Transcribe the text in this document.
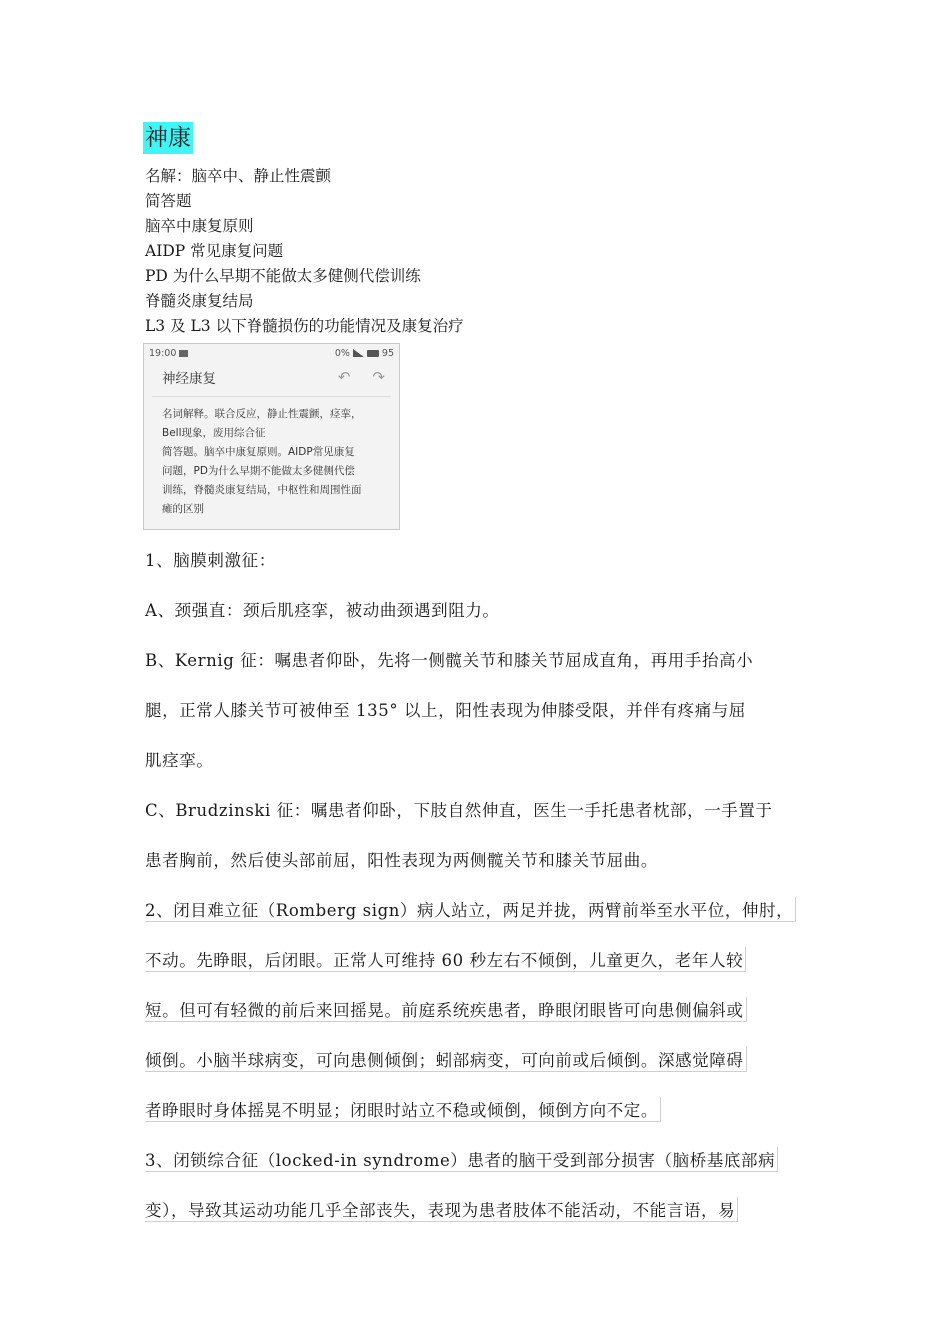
神康
名解：脑卒中、静止性震颤
简答题
脑卒中康复原则
AIDP 常见康复问题
PD 为什么早期不能做太多健侧代偿训练
脊髓炎康复结局
L3 及 L3 以下脊髓损伤的功能情况及康复治疗
19:00	0%	95
神经康复	↶ ↷
名词解释。联合反应，静止性震颤，痉挛，
Bell现象，废用综合征
简答题。脑卒中康复原则。AIDP常见康复
问题，PD为什么早期不能做太多健侧代偿
训练，脊髓炎康复结局，中枢性和周围性面
瘫的区别
1、脑膜刺激征：
A、颈强直：颈后肌痉挛，被动曲颈遇到阻力。
B、Kernig 征：嘱患者仰卧，先将一侧髋关节和膝关节屈成直角，再用手抬高小
腿，正常人膝关节可被伸至 135° 以上，阳性表现为伸膝受限，并伴有疼痛与屈
肌痉挛。
C、Brudzinski 征：嘱患者仰卧，下肢自然伸直，医生一手托患者枕部，一手置于
患者胸前，然后使头部前屈，阳性表现为两侧髋关节和膝关节屈曲。
2、闭目难立征（Romberg sign）病人站立，两足并拢，两臂前举至水平位，伸肘，
不动。先睁眼，后闭眼。正常人可维持 60 秒左右不倾倒，儿童更久，老年人较
短。但可有轻微的前后来回摇晃。前庭系统疾患者，睁眼闭眼皆可向患侧偏斜或
倾倒。小脑半球病变，可向患侧倾倒；蚓部病变，可向前或后倾倒。深感觉障碍
者睁眼时身体摇晃不明显；闭眼时站立不稳或倾倒，倾倒方向不定。
3、闭锁综合征（locked-in syndrome）患者的脑干受到部分损害（脑桥基底部病
变），导致其运动功能几乎全部丧失，表现为患者肢体不能活动，不能言语，易
